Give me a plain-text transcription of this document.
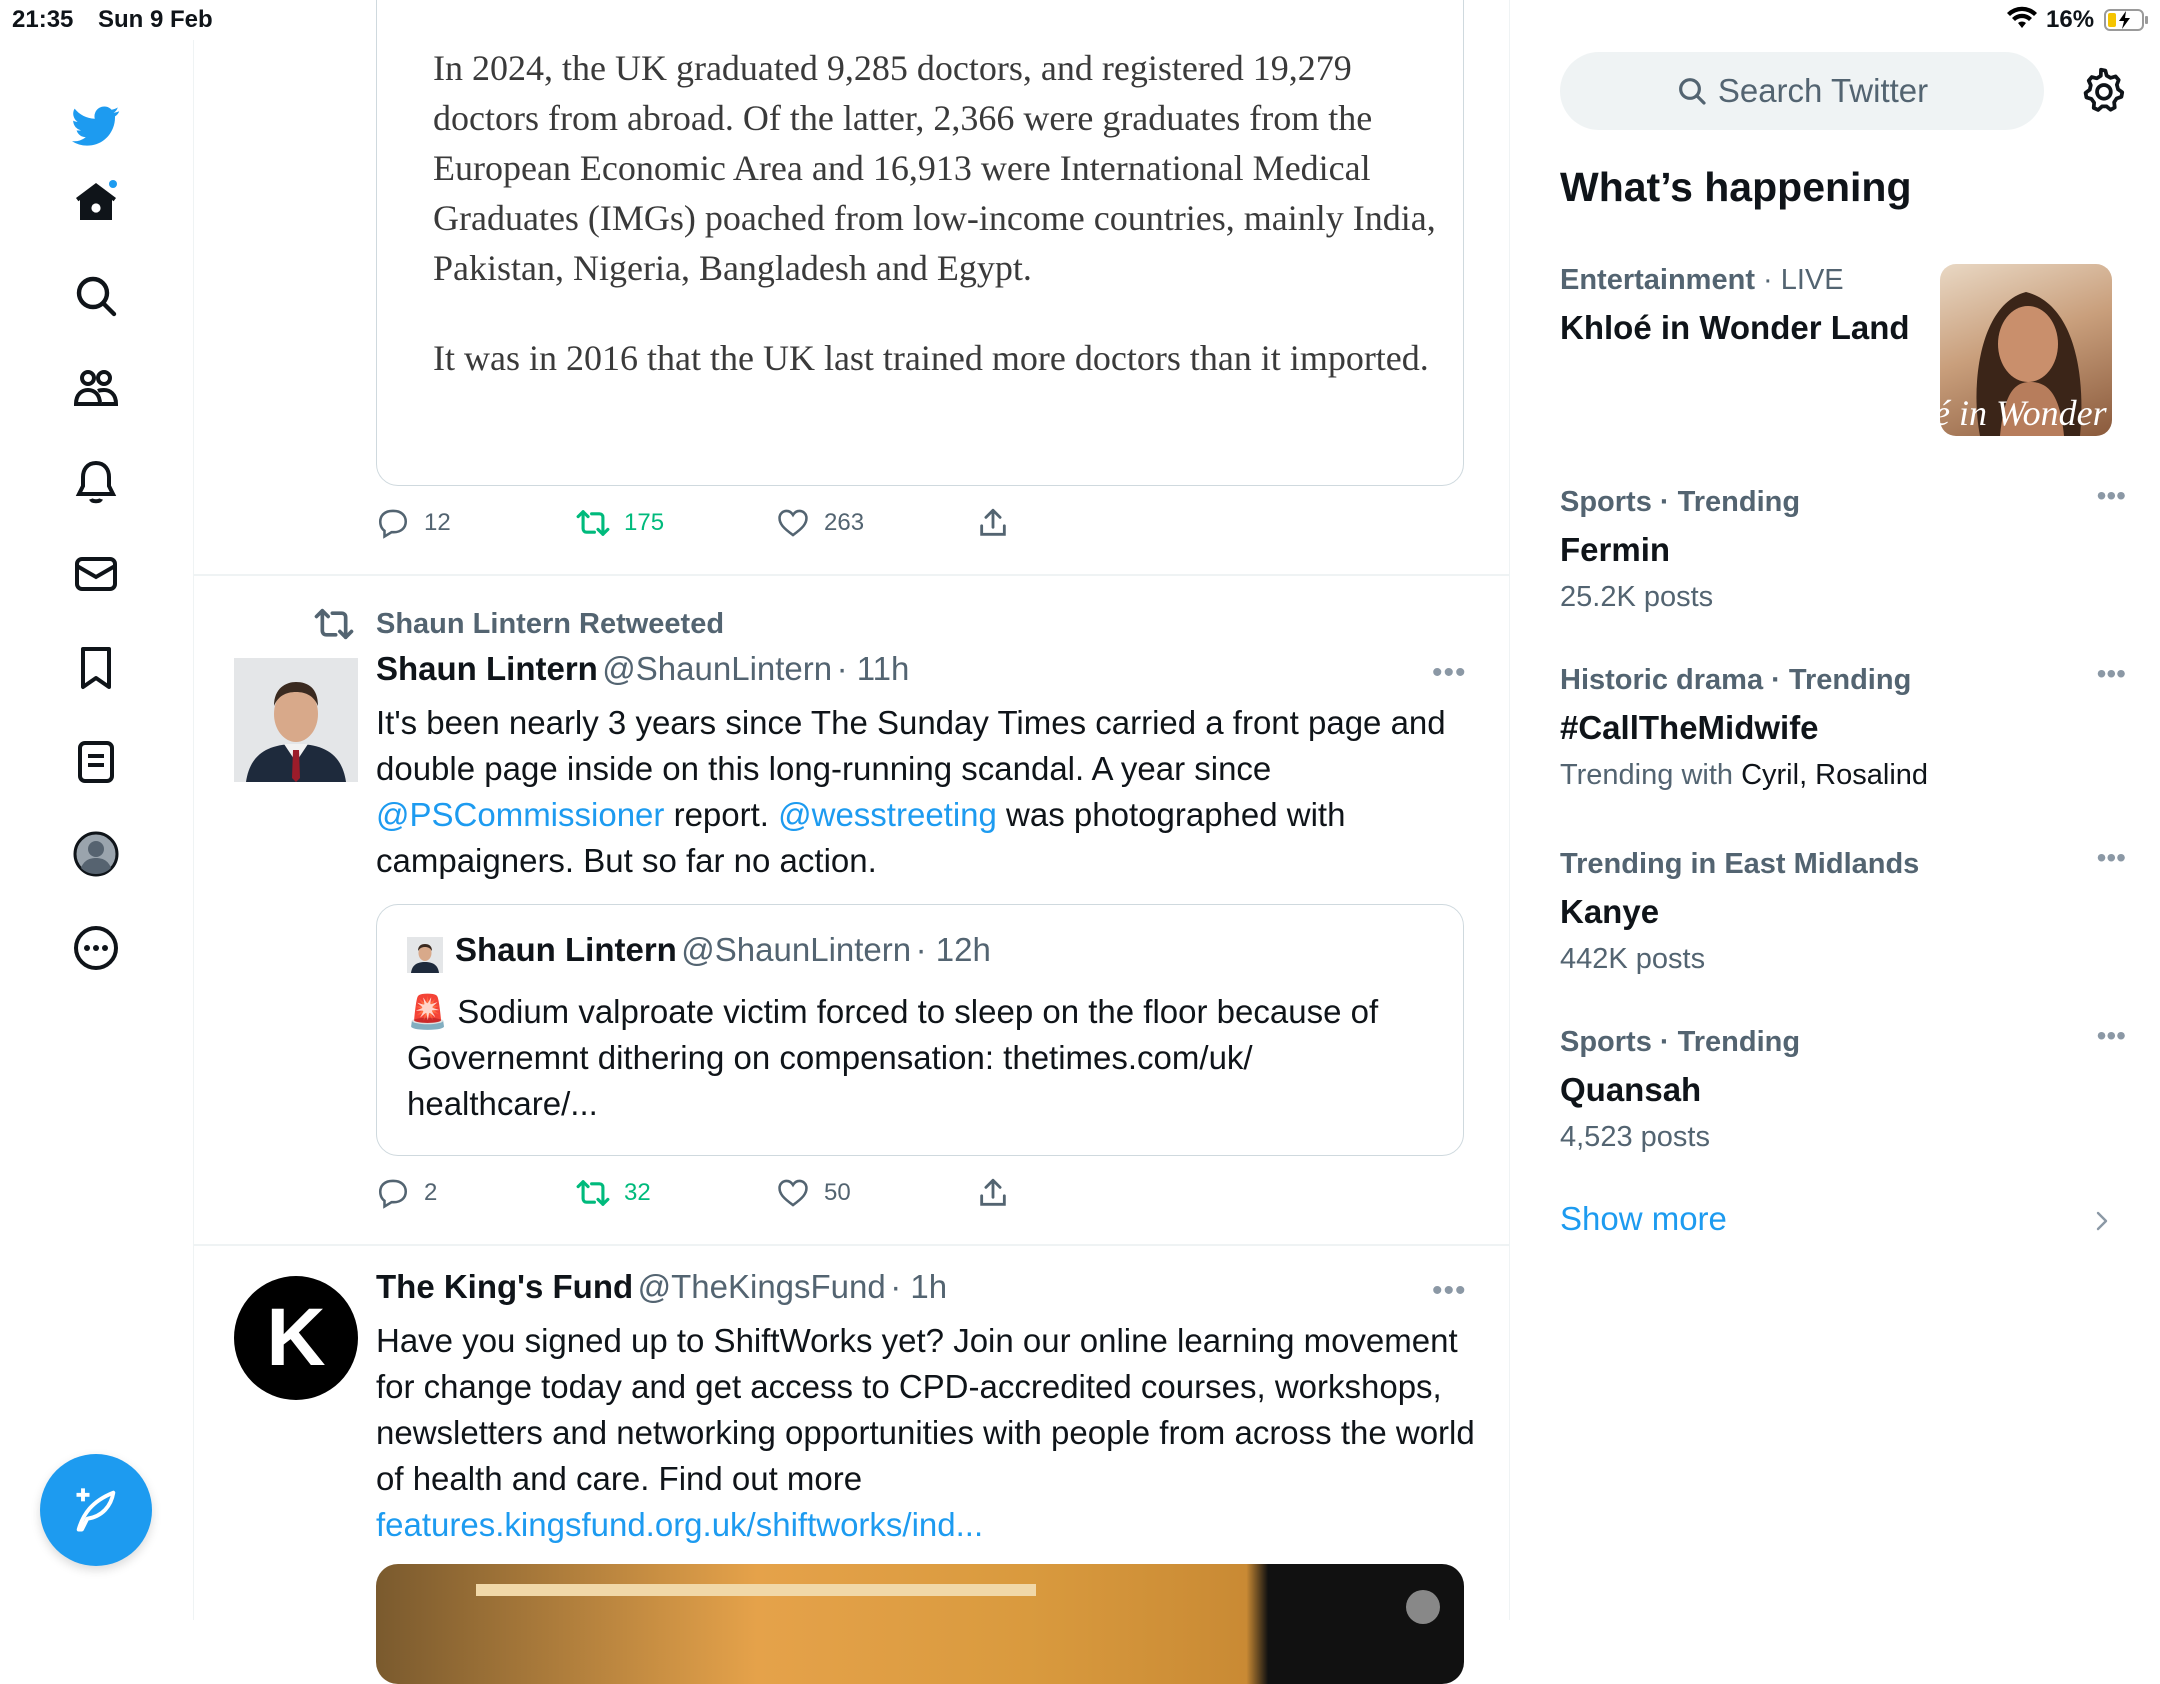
21:35 Sun 9 Feb	16%

In 2024, the UK graduated 9,285 doctors, and registered 19,279 doctors from abroad. Of the latter, 2,366 were graduates from the European Economic Area and 16,913 were International Medical Graduates (IMGs) poached from low-income countries, mainly India, Pakistan, Nigeria, Bangladesh and Egypt.

It was in 2016 that the UK last trained more doctors than it imported.

12	175	263
Shaun Lintern Retweeted
Shaun Lintern @ShaunLintern · 11h	•••

It's been nearly 3 years since The Sunday Times carried a front page and double page inside on this long-running scandal. A year since @PSCommissioner report. @wesstreeting was photographed with campaigners. But so far no action.

Shaun Lintern @ShaunLintern · 12h

🚨 Sodium valproate victim forced to sleep on the floor because of Governemnt dithering on compensation: thetimes.com/uk/ healthcare/...

2	32	50
K
The King's Fund @TheKingsFund · 1h	•••

Have you signed up to ShiftWorks yet? Join our online learning movement for change today and get access to CPD-accredited courses, workshops, newsletters and networking opportunities with people from across the world of health and care. Find out more features.kingsfund.org.uk/shiftworks/ind...

Search Twitter
What’s happening
Entertainment · LIVE
Khloé in Wonder Land
é in Wonder L
Sports · Trending
Fermin
25.2K posts
•••
Historic drama · Trending
#CallTheMidwife
Trending with Cyril, Rosalind
•••
Trending in East Midlands
Kanye
442K posts
•••
Sports · Trending
Quansah
4,523 posts
•••
Show more
